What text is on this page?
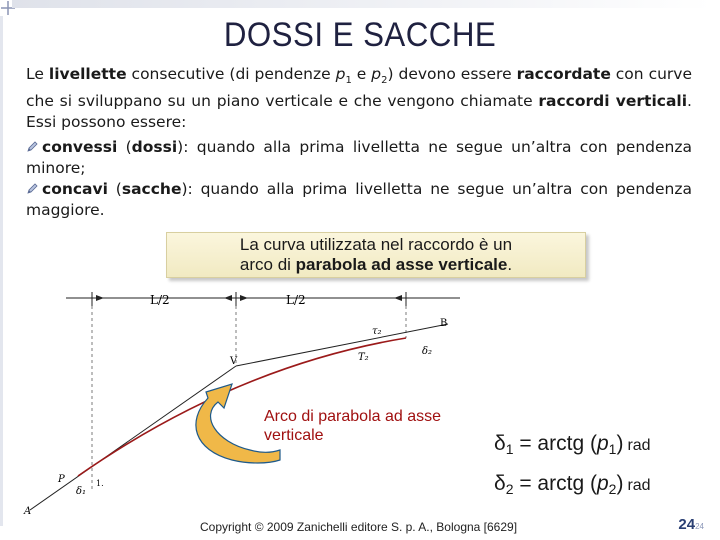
DOSSI E SACCHE
Le livellette consecutive (di pendenze $p_1$ e $p_2$) devono essere raccordate con curve che si sviluppano su un piano verticale e che vengono chiamate raccordi verticali. Essi possono essere:

convessi (dossi): quando alla prima livelletta ne segue un’altra con pendenza minore;

concavi (sacche): quando alla prima livelletta ne segue un’altra con pendenza maggiore.

La curva utilizzata nel raccordo è un
arco di parabola ad asse verticale.
L/2	L/2
V
B
T₂
τ₂
δ₂
P
δ₁
1.
A
Arco di parabola ad asse verticale	$\delta_1$ = arctg $(p_1)$ rad
$\delta_2$ = arctg $(p_2)$ rad
Copyright © 2009 Zanichelli editore S. p. A., Bologna [6629]	2424
